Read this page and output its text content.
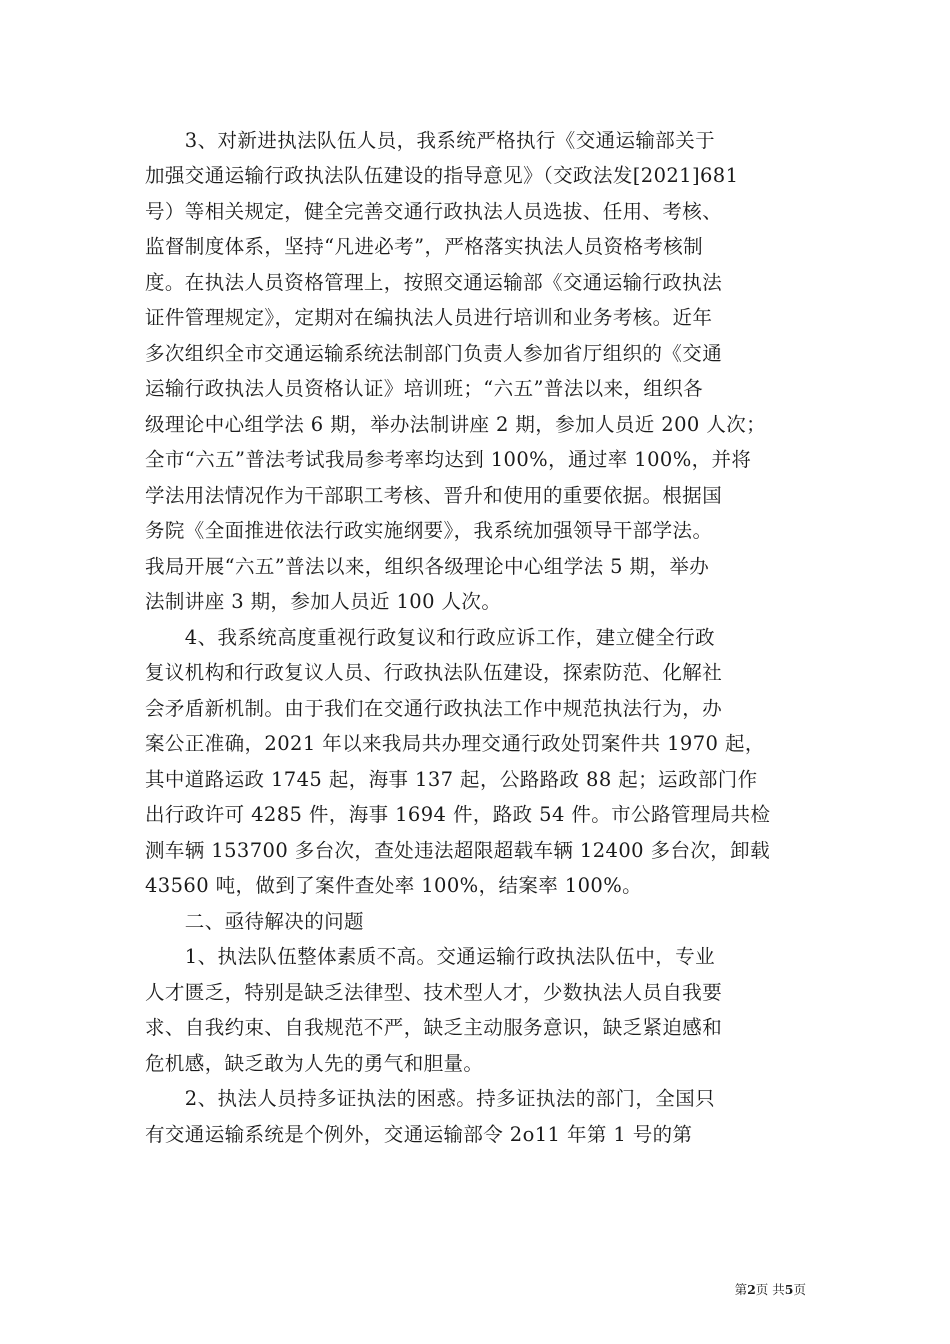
　　3、对新进执法队伍人员，我系统严格执行《交通运输部关于
加强交通运输行政执法队伍建设的指导意见》（交政法发[2021]681
号）等相关规定，健全完善交通行政执法人员选拔、任用、考核、
监督制度体系，坚持“凡进必考”，严格落实执法人员资格考核制
度。在执法人员资格管理上，按照交通运输部《交通运输行政执法
证件管理规定》，定期对在编执法人员进行培训和业务考核。近年
多次组织全市交通运输系统法制部门负责人参加省厅组织的《交通
运输行政执法人员资格认证》培训班；“六五”普法以来，组织各
级理论中心组学法 6 期，举办法制讲座 2 期，参加人员近 200 人次；
全市“六五”普法考试我局参考率均达到 100%，通过率 100%，并将
学法用法情况作为干部职工考核、晋升和使用的重要依据。根据国
务院《全面推进依法行政实施纲要》，我系统加强领导干部学法。
我局开展“六五”普法以来，组织各级理论中心组学法 5 期，举办
法制讲座 3 期，参加人员近 100 人次。
　　4、我系统高度重视行政复议和行政应诉工作，建立健全行政
复议机构和行政复议人员、行政执法队伍建设，探索防范、化解社
会矛盾新机制。由于我们在交通行政执法工作中规范执法行为，办
案公正准确，2021 年以来我局共办理交通行政处罚案件共 1970 起，
其中道路运政 1745 起，海事 137 起，公路路政 88 起；运政部门作
出行政许可 4285 件，海事 1694 件，路政 54 件。市公路管理局共检
测车辆 153700 多台次，查处违法超限超载车辆 12400 多台次，卸载
43560 吨，做到了案件查处率 100%，结案率 100%。
　　二、亟待解决的问题
　　1、执法队伍整体素质不高。交通运输行政执法队伍中，专业
人才匮乏，特别是缺乏法律型、技术型人才，少数执法人员自我要
求、自我约束、自我规范不严，缺乏主动服务意识，缺乏紧迫感和
危机感，缺乏敢为人先的勇气和胆量。
　　2、执法人员持多证执法的困惑。持多证执法的部门，全国只
有交通运输系统是个例外，交通运输部令 2o11 年第 1 号的第
第2页 共5页
